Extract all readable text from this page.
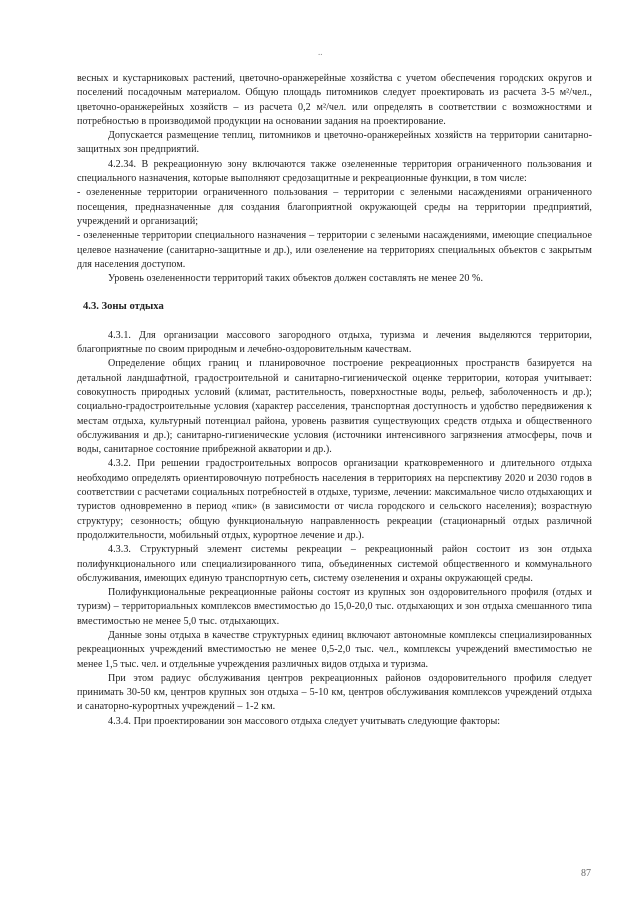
..

весных и кустарниковых растений, цветочно-оранжерейные хозяйства с учетом обеспечения городских округов и поселений посадочным материалом. Общую площадь питомников следует проектировать из расчета 3-5 м²/чел., цветочно-оранжерейных хозяйств – из расчета 0,2 м²/чел. или определять в соответствии с возможностями и потребностью в производимой продукции на основании задания на проектирование.

Допускается размещение теплиц, питомников и цветочно-оранжерейных хозяйств на территории санитарно-защитных зон предприятий.

4.2.34. В рекреационную зону включаются также озелененные территория ограниченного пользования и специального назначения, которые выполняют средозащитные и рекреационные функции, в том числе:

- озелененные территории ограниченного пользования – территории с зелеными насаждениями ограниченного посещения, предназначенные для создания благоприятной окружающей среды на территории предприятий, учреждений и организаций;

- озелененные территории специального назначения – территории с зелеными насаждениями, имеющие специальное целевое назначение (санитарно-защитные и др.), или озеленение на территориях специальных объектов с закрытым для населения доступом.

Уровень озелененности территорий таких объектов должен составлять не менее 20 %.

4.3. Зоны отдыха

4.3.1. Для организации массового загородного отдыха, туризма и лечения выделяются территории, благоприятные по своим природным и лечебно-оздоровительным качествам.

Определение общих границ и планировочное построение рекреационных пространств базируется на детальной ландшафтной, градостроительной и санитарно-гигиенической оценке территории, которая учитывает: совокупность природных условий (климат, растительность, поверхностные воды, рельеф, заболоченность и др.); социально-градостроительные условия (характер расселения, транспортная доступность и удобство передвижения к местам отдыха, культурный потенциал района, уровень развития существующих средств отдыха и общественного обслуживания и др.); санитарно-гигиенические условия (источники интенсивного загрязнения атмосферы, почв и воды, санитарное состояние прибрежной акватории и др.).

4.3.2. При решении градостроительных вопросов организации кратковременного и длительного отдыха необходимо определять ориентировочную потребность населения в территориях на перспективу 2020 и 2030 годов в соответствии с расчетами социальных потребностей в отдыхе, туризме, лечении: максимальное число отдыхающих и туристов одновременно в период «пик» (в зависимости от числа городского и сельского населения); возрастную структуру; сезонность; общую функциональную направленность рекреации (стационарный отдых различной продолжительности, мобильный отдых, курортное лечение и др.).

4.3.3. Структурный элемент системы рекреации – рекреационный район состоит из зон отдыха полифункционального или специализированного типа, объединенных системой общественного и коммунального обслуживания, имеющих единую транспортную сеть, систему озеленения и охраны окружающей среды.

Полифункциональные рекреационные районы состоят из крупных зон оздоровительного профиля (отдых и туризм) – территориальных комплексов вместимостью до 15,0-20,0 тыс. отдыхающих и зон отдыха смешанного типа вместимостью не менее 5,0 тыс. отдыхающих.

Данные зоны отдыха в качестве структурных единиц включают автономные комплексы специализированных рекреационных учреждений вместимостью не менее 0,5-2,0 тыс. чел., комплексы учреждений вместимостью не менее 1,5 тыс. чел. и отдельные учреждения различных видов отдыха и туризма.

При этом радиус обслуживания центров рекреационных районов оздоровительного профиля следует принимать 30-50 км, центров крупных зон отдыха – 5-10 км, центров обслуживания комплексов учреждений отдыха и санаторно-курортных учреждений – 1-2 км.

4.3.4. При проектировании зон массового отдыха следует учитывать следующие факторы:

87
